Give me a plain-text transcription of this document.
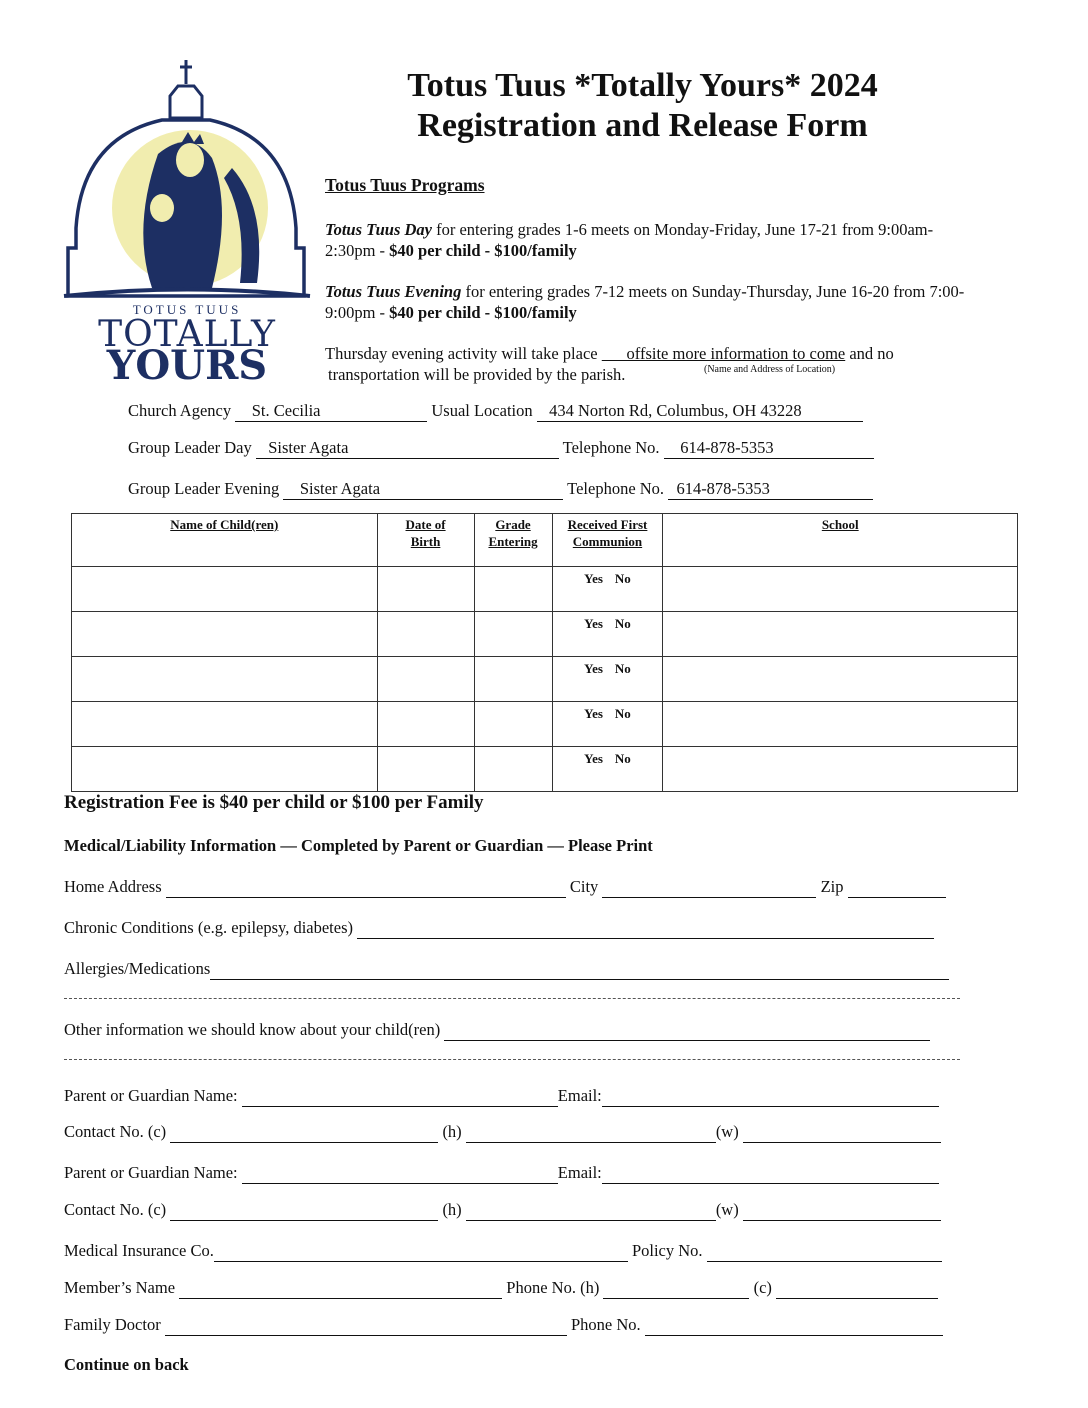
TOTUS TUUS
TOTALLY
YOURS
Totus Tuus *Totally Yours* 2024
Registration and Release Form
Totus Tuus Programs
Totus Tuus Day for entering grades 1-6 meets on Monday-Friday, June 17-21 from 9:00am-
2:30pm - $40 per child - $100/family
Totus Tuus Evening for entering grades 7-12 meets on Sunday-Thursday, June 16-20 from 7:00-
9:00pm - $40 per child - $100/family
Thursday evening activity will take place   offsite more information to come and no
transportation will be provided by the parish.	(Name and Address of Location)
Church Agency St. Cecilia	Usual Location 434 Norton Rd, Columbus, OH 43228
Group Leader Day Sister Agata	Telephone No. 614-878-5353
Group Leader Evening Sister Agata	Telephone No. 614-878-5353
Name of Child(ren)	Date of Birth	Grade Entering	Received First Communion	School
			Yes No	
			Yes No	
			Yes No	
			Yes No	
			Yes No	
Registration Fee is $40 per child or $100 per Family
Medical/Liability Information — Completed by Parent or Guardian — Please Print
Home Address	City	Zip
Chronic Conditions (e.g. epilepsy, diabetes)
Allergies/Medications
Other information we should know about your child(ren)
Parent or Guardian Name:	Email:
Contact No. (c)	(h)	(w)
Parent or Guardian Name:	Email:
Contact No. (c)	(h)	(w)
Medical Insurance Co.	Policy No.
Member’s Name	Phone No. (h)	(c)
Family Doctor	Phone No.
Continue on back
